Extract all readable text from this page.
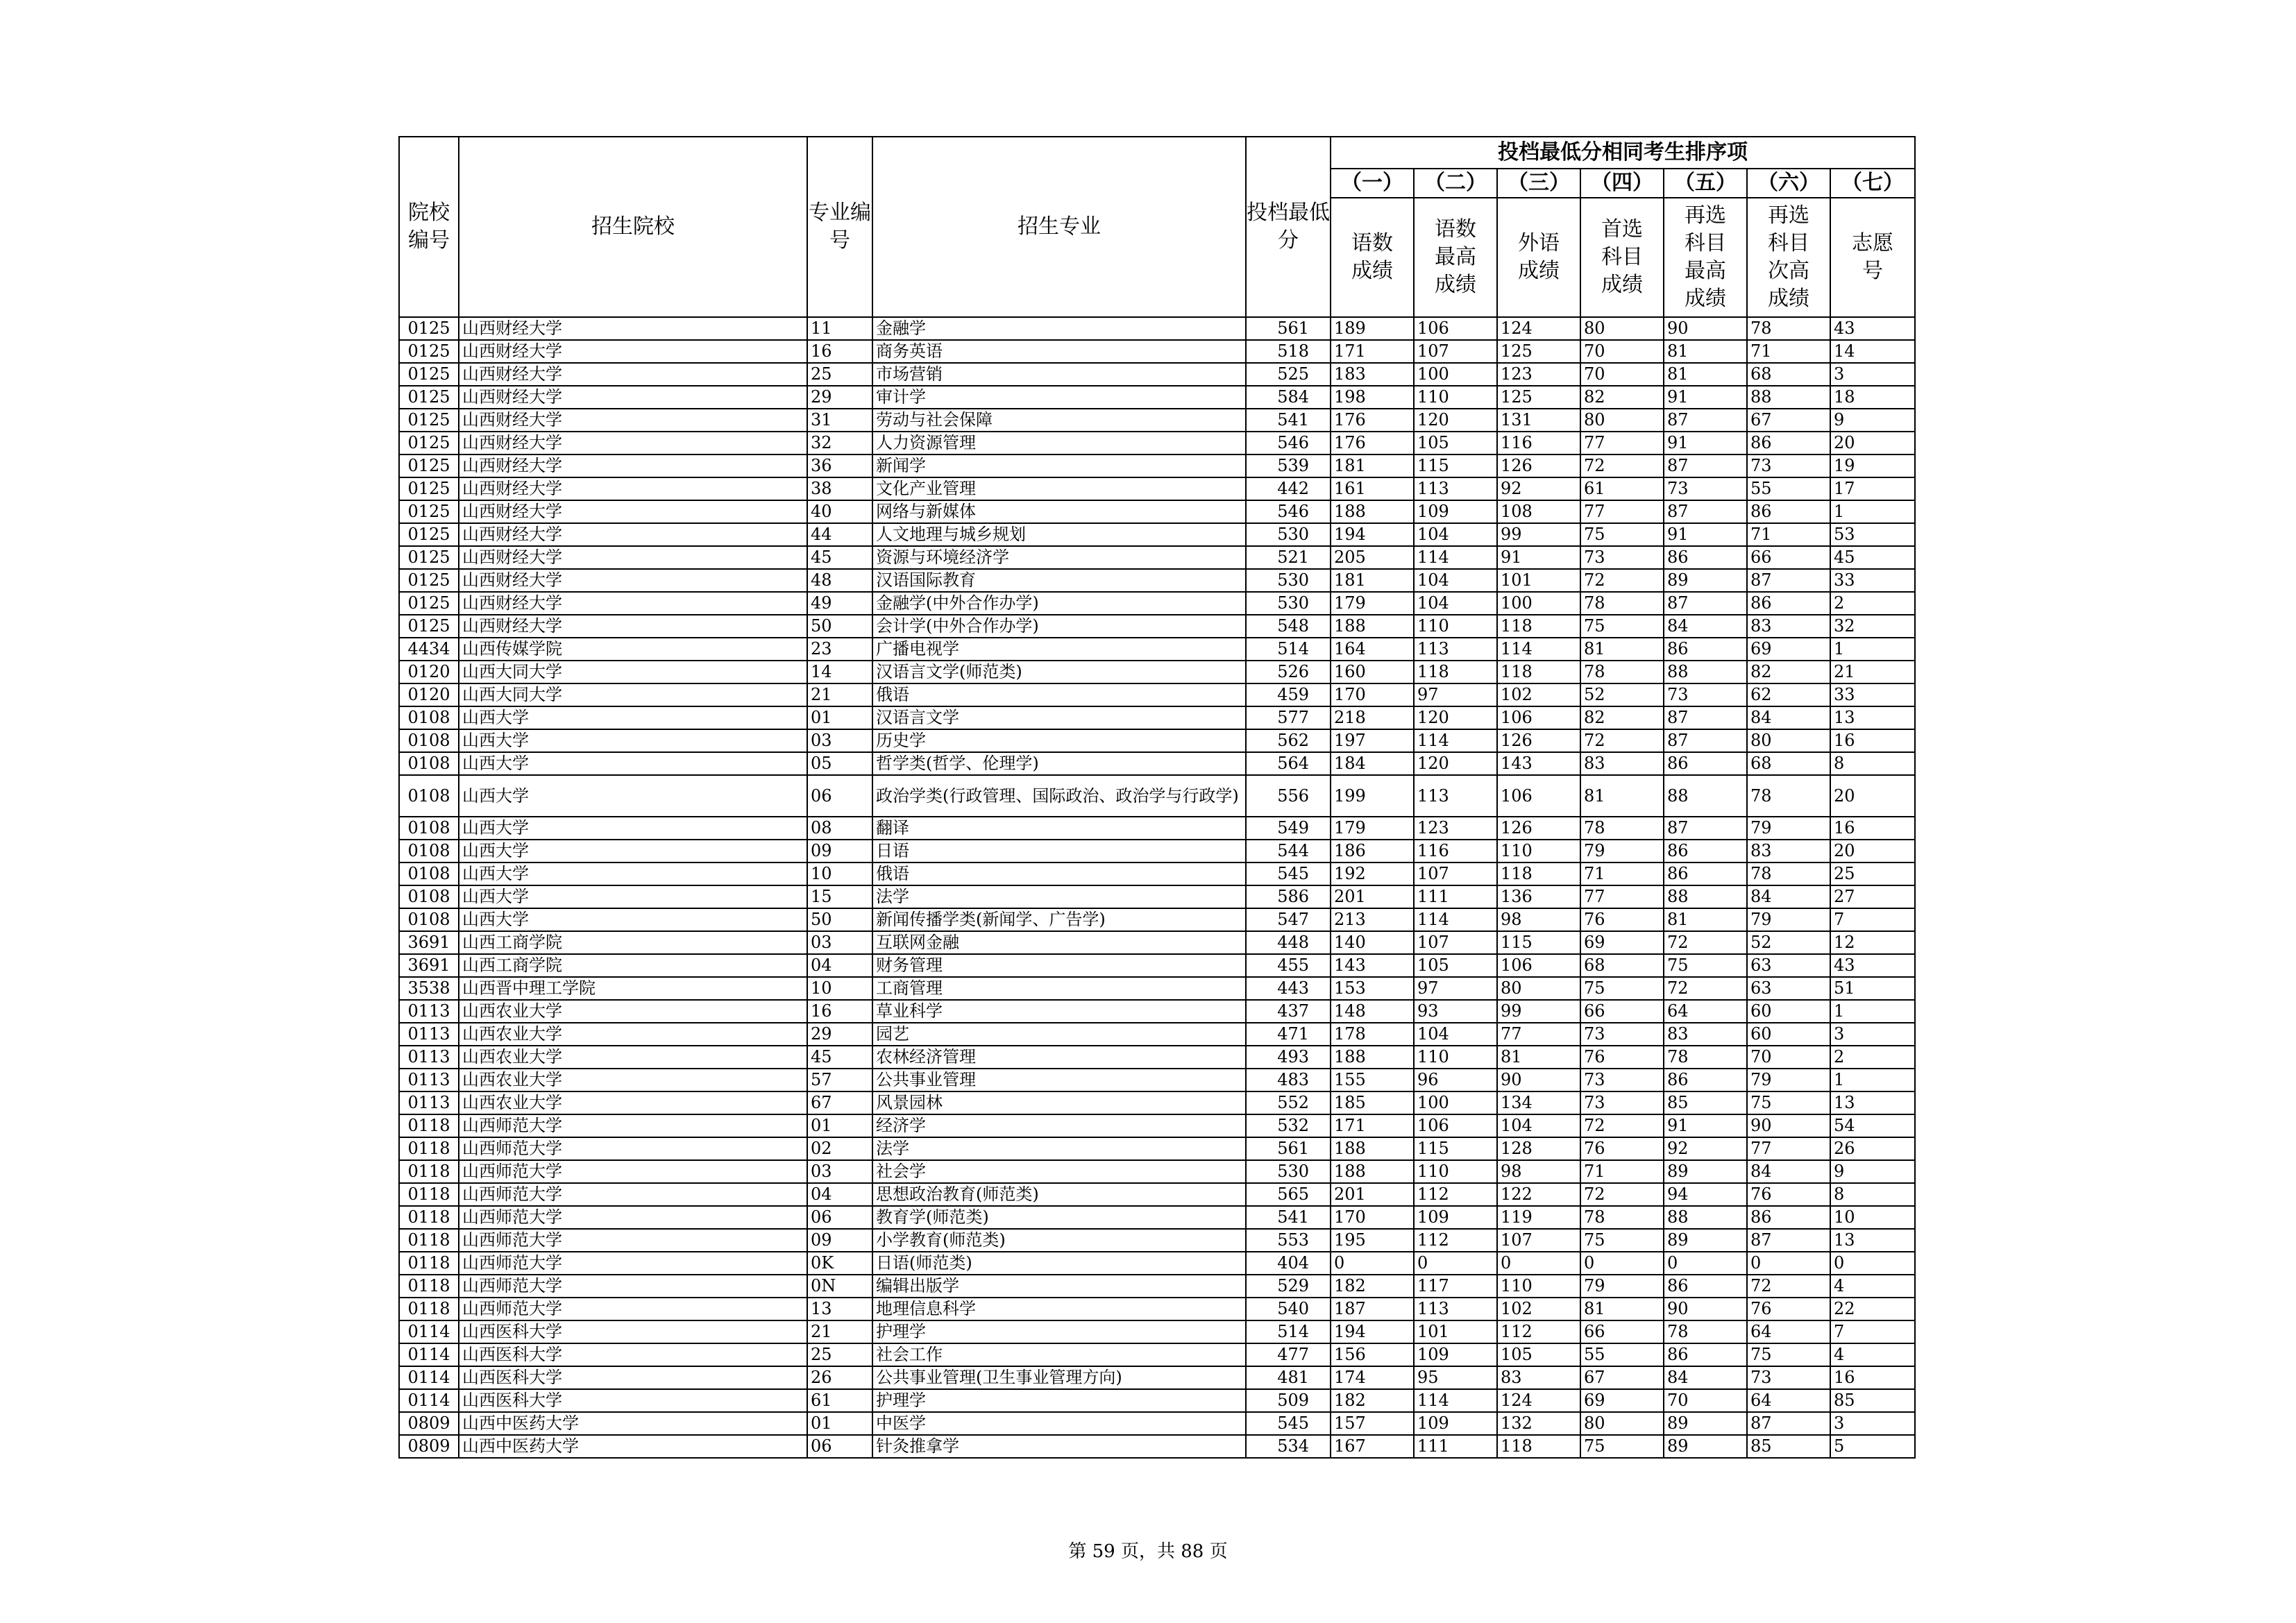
院校编号	招生院校	专业编号	招生专业	投档最低分	投档最低分相同考生排序项						
					（一）	（二）	（三）	（四）	（五）	（六）	（七）
					语数成绩	语数最高成绩	外语成绩	首选科目成绩	再选科目最高成绩	再选科目次高成绩	志愿号
0125	山西财经大学	11	金融学	561	189	106	124	80	90	78	43
0125	山西财经大学	16	商务英语	518	171	107	125	70	81	71	14
0125	山西财经大学	25	市场营销	525	183	100	123	70	81	68	3
0125	山西财经大学	29	审计学	584	198	110	125	82	91	88	18
0125	山西财经大学	31	劳动与社会保障	541	176	120	131	80	87	67	9
0125	山西财经大学	32	人力资源管理	546	176	105	116	77	91	86	20
0125	山西财经大学	36	新闻学	539	181	115	126	72	87	73	19
0125	山西财经大学	38	文化产业管理	442	161	113	92	61	73	55	17
0125	山西财经大学	40	网络与新媒体	546	188	109	108	77	87	86	1
0125	山西财经大学	44	人文地理与城乡规划	530	194	104	99	75	91	71	53
0125	山西财经大学	45	资源与环境经济学	521	205	114	91	73	86	66	45
0125	山西财经大学	48	汉语国际教育	530	181	104	101	72	89	87	33
0125	山西财经大学	49	金融学(中外合作办学)	530	179	104	100	78	87	86	2
0125	山西财经大学	50	会计学(中外合作办学)	548	188	110	118	75	84	83	32
4434	山西传媒学院	23	广播电视学	514	164	113	114	81	86	69	1
0120	山西大同大学	14	汉语言文学(师范类)	526	160	118	118	78	88	82	21
0120	山西大同大学	21	俄语	459	170	97	102	52	73	62	33
0108	山西大学	01	汉语言文学	577	218	120	106	82	87	84	13
0108	山西大学	03	历史学	562	197	114	126	72	87	80	16
0108	山西大学	05	哲学类(哲学、伦理学)	564	184	120	143	83	86	68	8
0108	山西大学	06	政治学类(行政管理、国际政治、政治学与行政学)	556	199	113	106	81	88	78	20
0108	山西大学	08	翻译	549	179	123	126	78	87	79	16
0108	山西大学	09	日语	544	186	116	110	79	86	83	20
0108	山西大学	10	俄语	545	192	107	118	71	86	78	25
0108	山西大学	15	法学	586	201	111	136	77	88	84	27
0108	山西大学	50	新闻传播学类(新闻学、广告学)	547	213	114	98	76	81	79	7
3691	山西工商学院	03	互联网金融	448	140	107	115	69	72	52	12
3691	山西工商学院	04	财务管理	455	143	105	106	68	75	63	43
3538	山西晋中理工学院	10	工商管理	443	153	97	80	75	72	63	51
0113	山西农业大学	16	草业科学	437	148	93	99	66	64	60	1
0113	山西农业大学	29	园艺	471	178	104	77	73	83	60	3
0113	山西农业大学	45	农林经济管理	493	188	110	81	76	78	70	2
0113	山西农业大学	57	公共事业管理	483	155	96	90	73	86	79	1
0113	山西农业大学	67	风景园林	552	185	100	134	73	85	75	13
0118	山西师范大学	01	经济学	532	171	106	104	72	91	90	54
0118	山西师范大学	02	法学	561	188	115	128	76	92	77	26
0118	山西师范大学	03	社会学	530	188	110	98	71	89	84	9
0118	山西师范大学	04	思想政治教育(师范类)	565	201	112	122	72	94	76	8
0118	山西师范大学	06	教育学(师范类)	541	170	109	119	78	88	86	10
0118	山西师范大学	09	小学教育(师范类)	553	195	112	107	75	89	87	13
0118	山西师范大学	0K	日语(师范类)	404	0	0	0	0	0	0	0
0118	山西师范大学	0N	编辑出版学	529	182	117	110	79	86	72	4
0118	山西师范大学	13	地理信息科学	540	187	113	102	81	90	76	22
0114	山西医科大学	21	护理学	514	194	101	112	66	78	64	7
0114	山西医科大学	25	社会工作	477	156	109	105	55	86	75	4
0114	山西医科大学	26	公共事业管理(卫生事业管理方向)	481	174	95	83	67	84	73	16
0114	山西医科大学	61	护理学	509	182	114	124	69	70	64	85
0809	山西中医药大学	01	中医学	545	157	109	132	80	89	87	3
0809	山西中医药大学	06	针灸推拿学	534	167	111	118	75	89	85	5
第 59 页，共 88 页
